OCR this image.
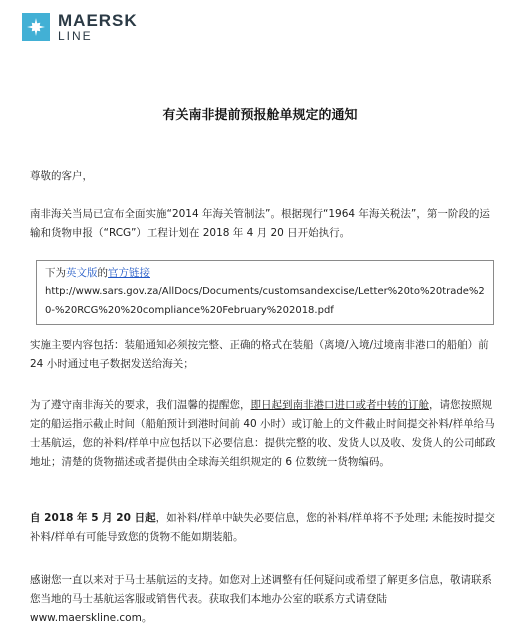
MAERSK
LINE
有关南非提前预报舱单规定的通知

尊敬的客户，

南非海关当局已宣布全面实施“2014 年海关管制法”。根据现行“1964 年海关税法”，第一阶段的运输和货物申报（“RCG”）工程计划在 2018 年 4 月 20 日开始执行。

下为英文版的官方链接
http://www.sars.gov.za/AllDocs/Documents/customsandexcise/Letter%20to%20trade%20-%20RCG%20%20compliance%20February%202018.pdf

实施主要内容包括：装船通知必须按完整、正确的格式在装船（离境/入境/过境南非港口的船舶）前 24 小时通过电子数据发送给海关；

为了遵守南非海关的要求，我们温馨的提醒您，即日起到南非港口进口或者中转的订舱，请您按照规定的船运指示截止时间（船舶预计到港时间前 40 小时）或订舱上的文件截止时间提交补料/样单给马士基航运，您的补料/样单中应包括以下必要信息：提供完整的收、发货人以及收、发货人的公司邮政地址；清楚的货物描述或者提供由全球海关组织规定的 6 位数统一货物编码。

自 2018 年 5 月 20 日起，如补料/样单中缺失必要信息，您的补料/样单将不予处理; 未能按时提交补料/样单有可能导致您的货物不能如期装船。

感谢您一直以来对于马士基航运的支持。如您对上述调整有任何疑问或希望了解更多信息，敬请联系您当地的马士基航运客服或销售代表。获取我们本地办公室的联系方式请登陆 www.maerskline.com。
